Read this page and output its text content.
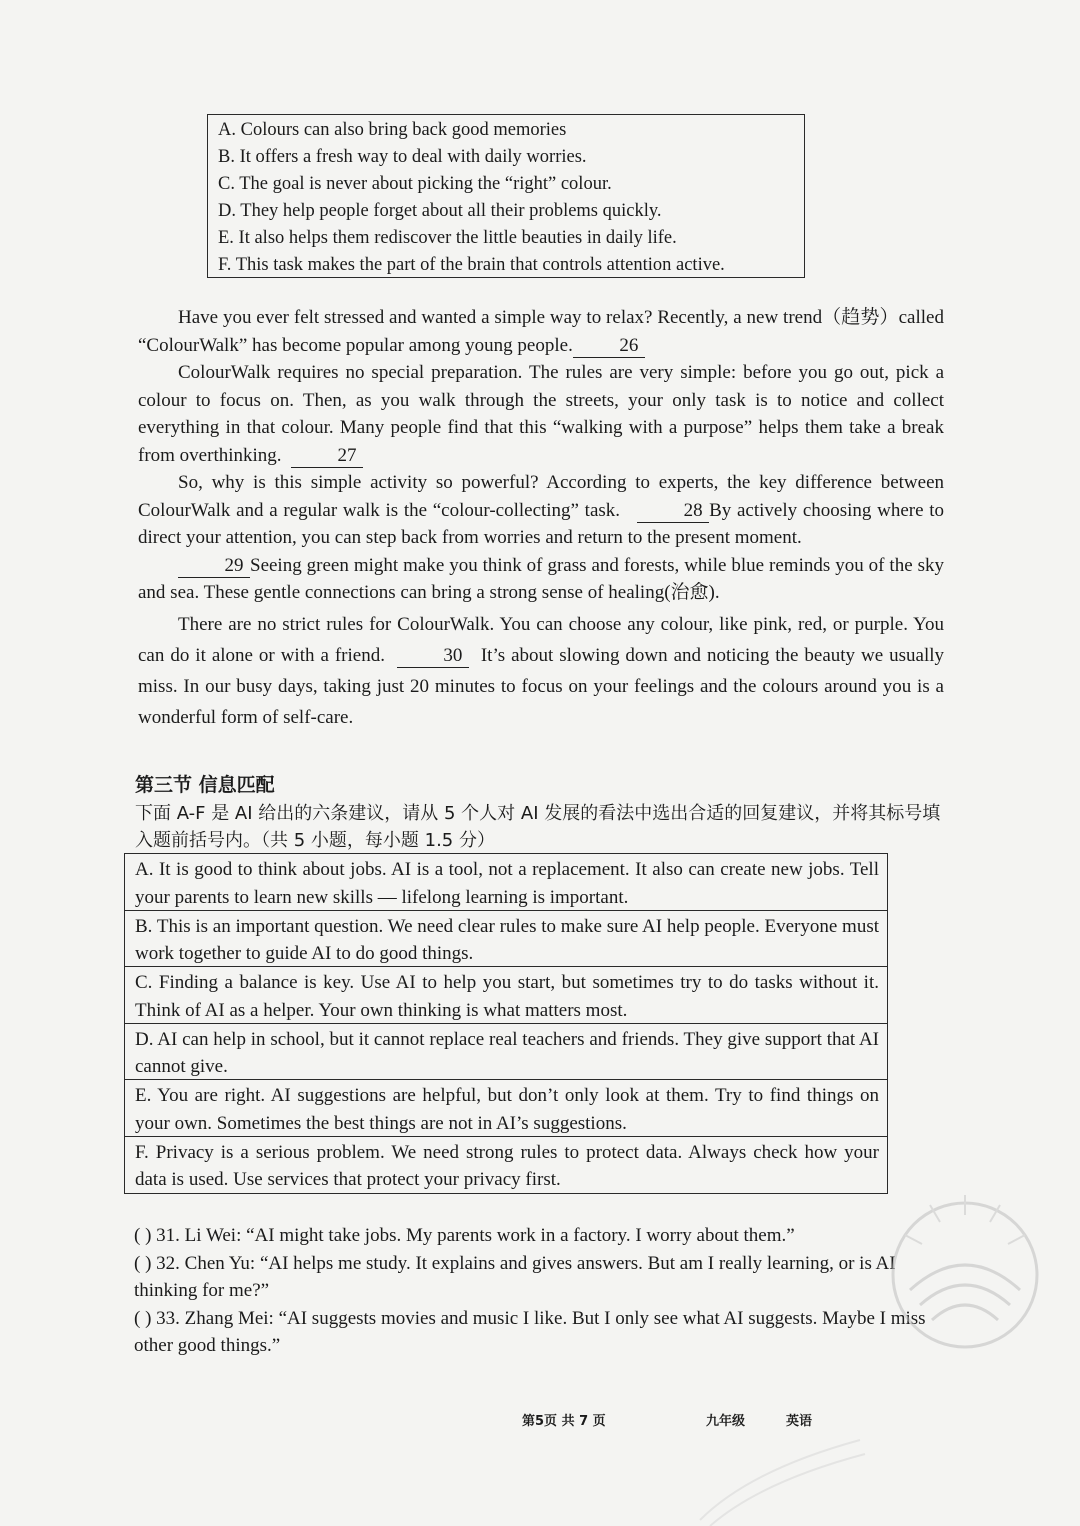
A. Colours can also bring back good memories
B. It offers a fresh way to deal with daily worries.
C. The goal is never about picking the “right” colour.
D. They help people forget about all their problems quickly.
E. It also helps them rediscover the little beauties in daily life.
F. This task makes the part of the brain that controls attention active.

Have you ever felt stressed and wanted a simple way to relax? Recently, a new trend（趋势）called “ColourWalk” has become popular among young people. 26

ColourWalk requires no special preparation. The rules are very simple: before you go out, pick a colour to focus on. Then, as you walk through the streets, your only task is to notice and collect everything in that colour. Many people find that this “walking with a purpose” helps them take a break from overthinking.	27

So, why is this simple activity so powerful? According to experts, the key difference between ColourWalk and a regular walk is the “colour-collecting” task.	28 By actively choosing where to direct your attention, you can step back from worries and return to the present moment.

29 Seeing green might make you think of grass and forests, while blue reminds you of the sky and sea. These gentle connections can bring a strong sense of healing(治愈).

There are no strict rules for ColourWalk. You can choose any colour, like pink, red, or purple. You can do it alone or with a friend.	30 It’s about slowing down and noticing the beauty we usually miss. In our busy days, taking just 20 minutes to focus on your feelings and the colours around you is a wonderful form of self-care.

第三节 信息匹配
下面 A-F 是 AI 给出的六条建议，请从 5 个人对 AI 发展的看法中选出合适的回复建议，并将其标号填入题前括号内。（共 5 小题，每小题 1.5 分）
A. It is good to think about jobs. AI is a tool, not a replacement. It also can create new jobs. Tell your parents to learn new skills — lifelong learning is important.
B. This is an important question. We need clear rules to make sure AI help people. Everyone must work together to guide AI to do good things.
C. Finding a balance is key. Use AI to help you start, but sometimes try to do tasks without it. Think of AI as a helper. Your own thinking is what matters most.
D. AI can help in school, but it cannot replace real teachers and friends. They give support that AI cannot give.
E. You are right. AI suggestions are helpful, but don’t only look at them. Try to find things on your own. Sometimes the best things are not in AI’s suggestions.
F. Privacy is a serious problem. We need strong rules to protect data. Always check how your data is used. Use services that protect your privacy first.
( ) 31. Li Wei: “AI might take jobs. My parents work in a factory. I worry about them.”
( ) 32. Chen Yu: “AI helps me study. It explains and gives answers. But am I really learning, or is AI thinking for me?”
( ) 33. Zhang Mei: “AI suggests movies and music I like. But I only see what AI suggests. Maybe I miss other good things.”
第5页 共 7 页	九年级	英语
